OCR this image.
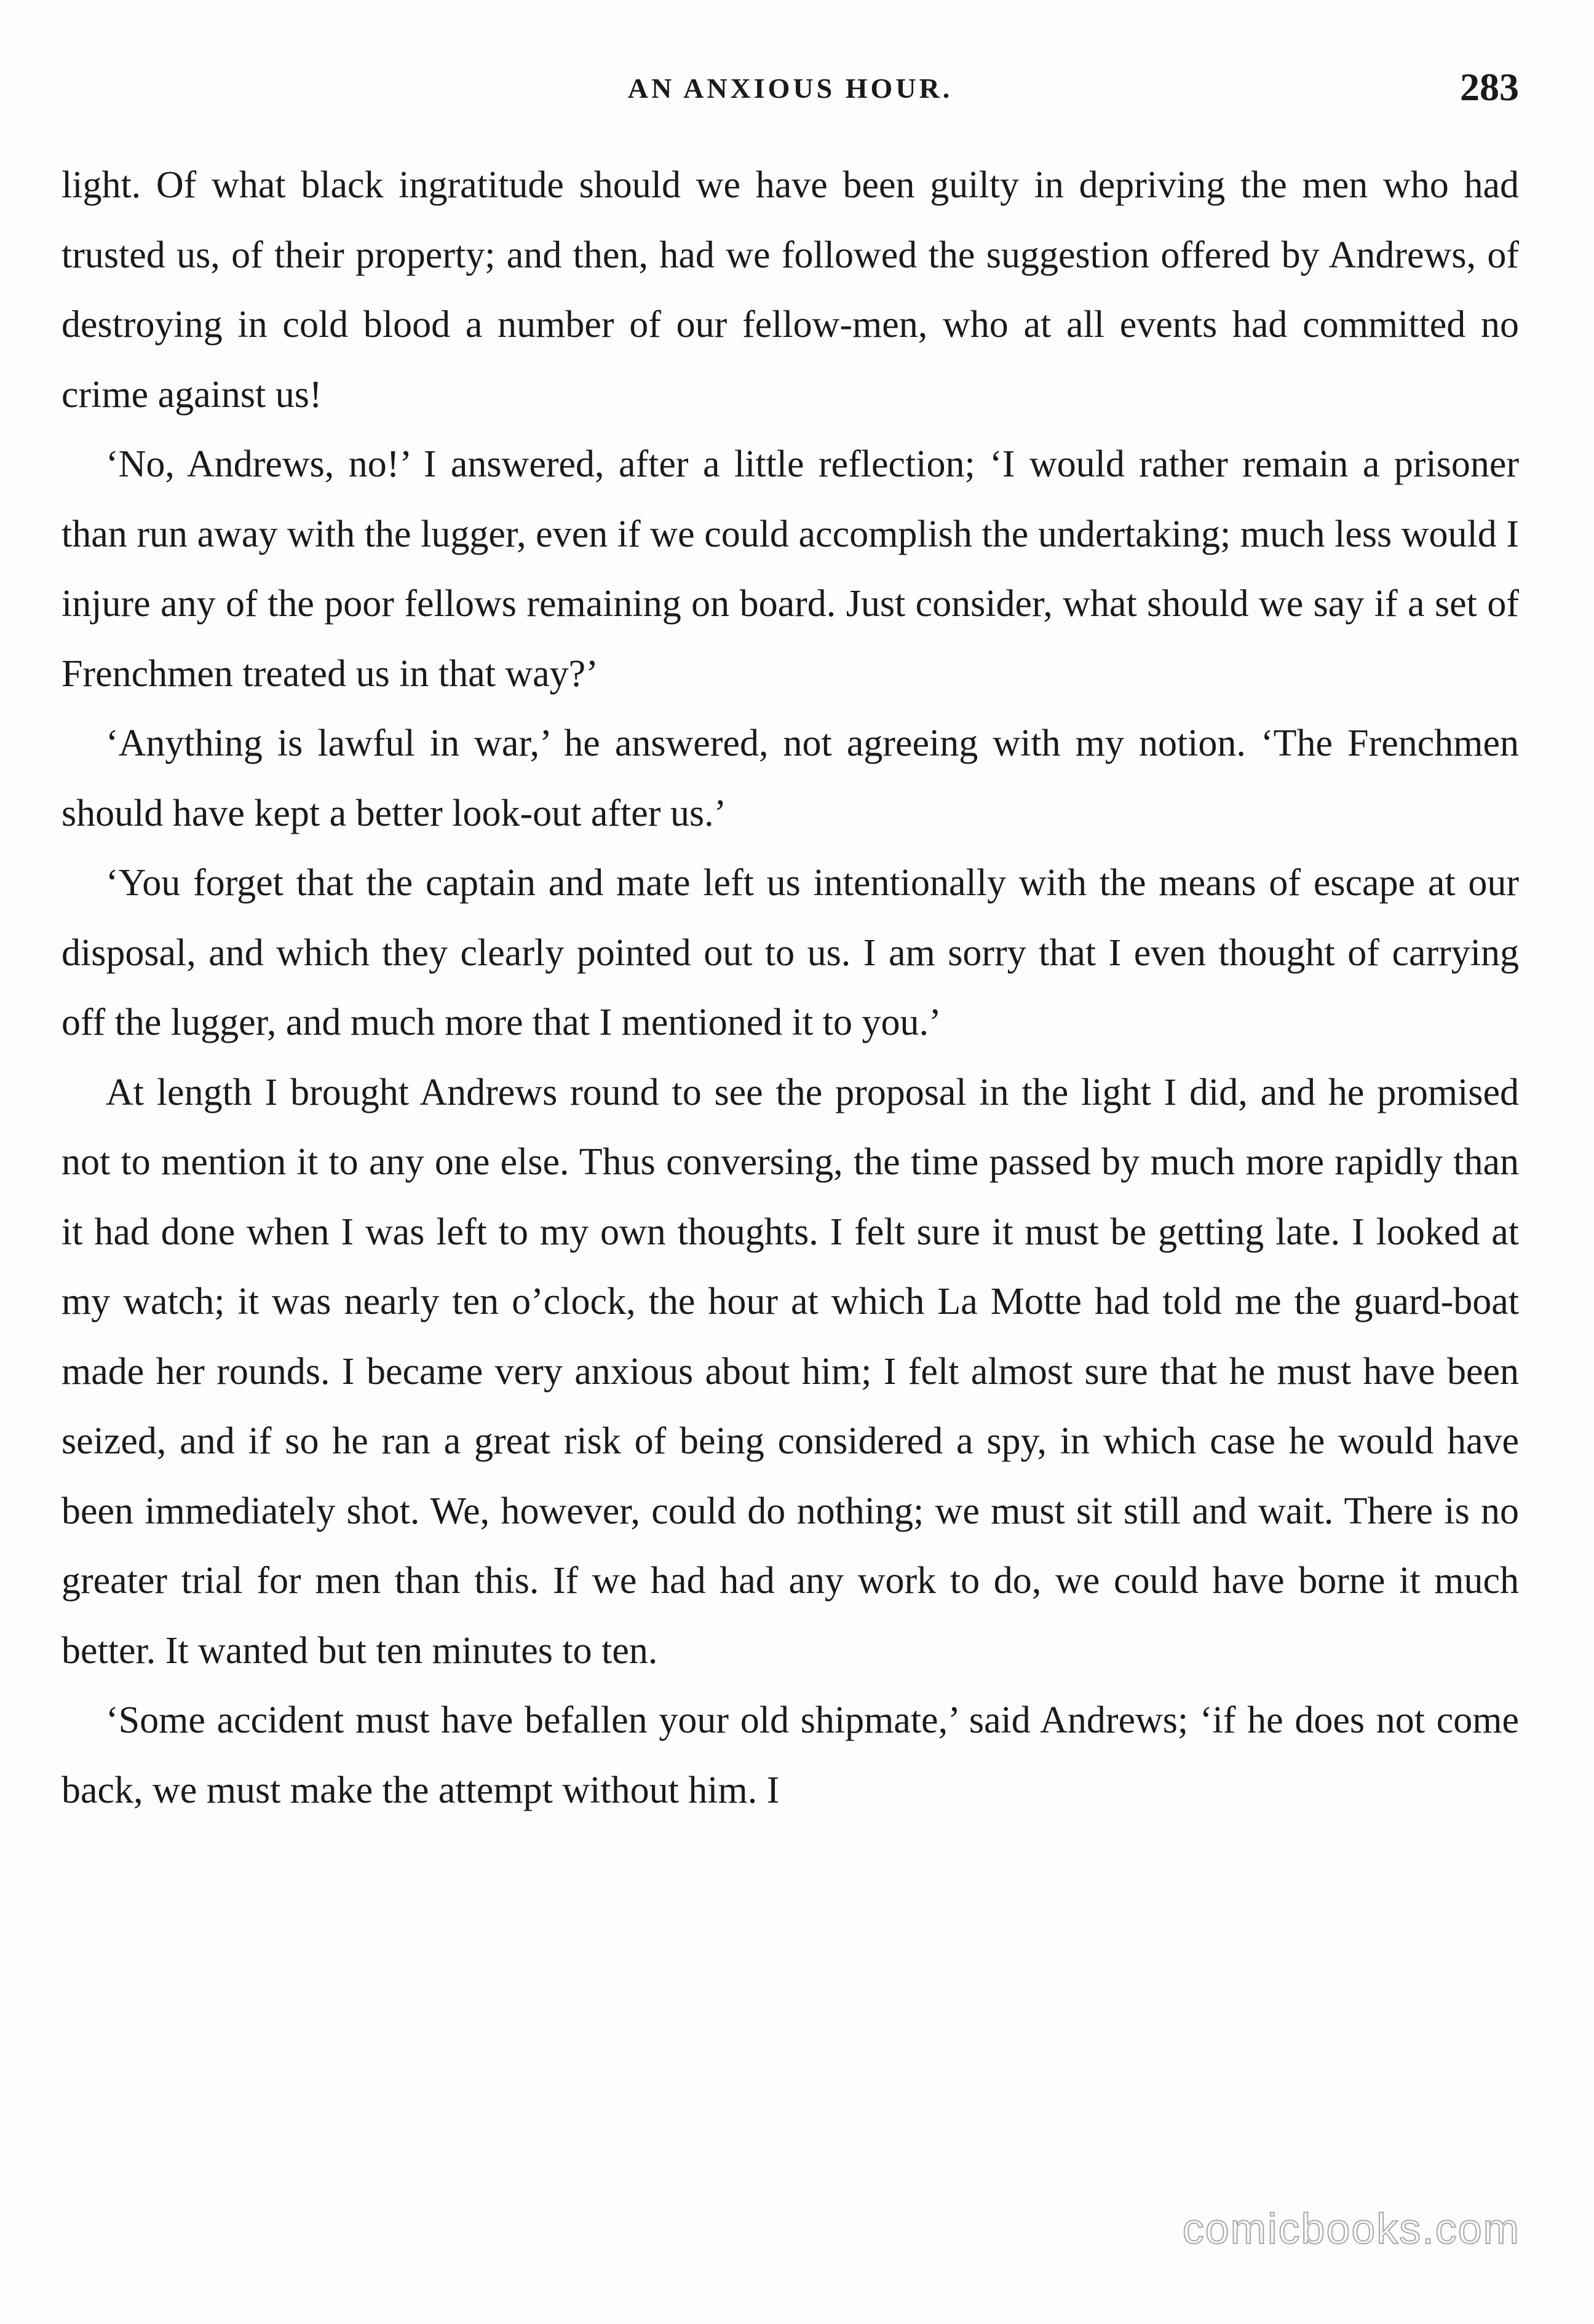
AN ANXIOUS HOUR.	283

light. Of what black ingratitude should we have been guilty in depriving the men who had trusted us, of their property; and then, had we followed the suggestion offered by Andrews, of destroying in cold blood a number of our fellow-men, who at all events had committed no crime against us!

‘No, Andrews, no!’ I answered, after a little reflection; ‘I would rather remain a prisoner than run away with the lugger, even if we could accomplish the undertaking; much less would I injure any of the poor fellows remaining on board. Just consider, what should we say if a set of Frenchmen treated us in that way?’

‘Anything is lawful in war,’ he answered, not agreeing with my notion. ‘The Frenchmen should have kept a better look-out after us.’

‘You forget that the captain and mate left us intentionally with the means of escape at our disposal, and which they clearly pointed out to us. I am sorry that I even thought of carrying off the lugger, and much more that I mentioned it to you.’

At length I brought Andrews round to see the proposal in the light I did, and he promised not to mention it to any one else. Thus conversing, the time passed by much more rapidly than it had done when I was left to my own thoughts. I felt sure it must be getting late. I looked at my watch; it was nearly ten o’clock, the hour at which La Motte had told me the guard-boat made her rounds. I became very anxious about him; I felt almost sure that he must have been seized, and if so he ran a great risk of being considered a spy, in which case he would have been immediately shot. We, however, could do nothing; we must sit still and wait. There is no greater trial for men than this. If we had had any work to do, we could have borne it much better. It wanted but ten minutes to ten.

‘Some accident must have befallen your old shipmate,’ said Andrews; ‘if he does not come back, we must make the attempt without him. I

comicbooks.com
